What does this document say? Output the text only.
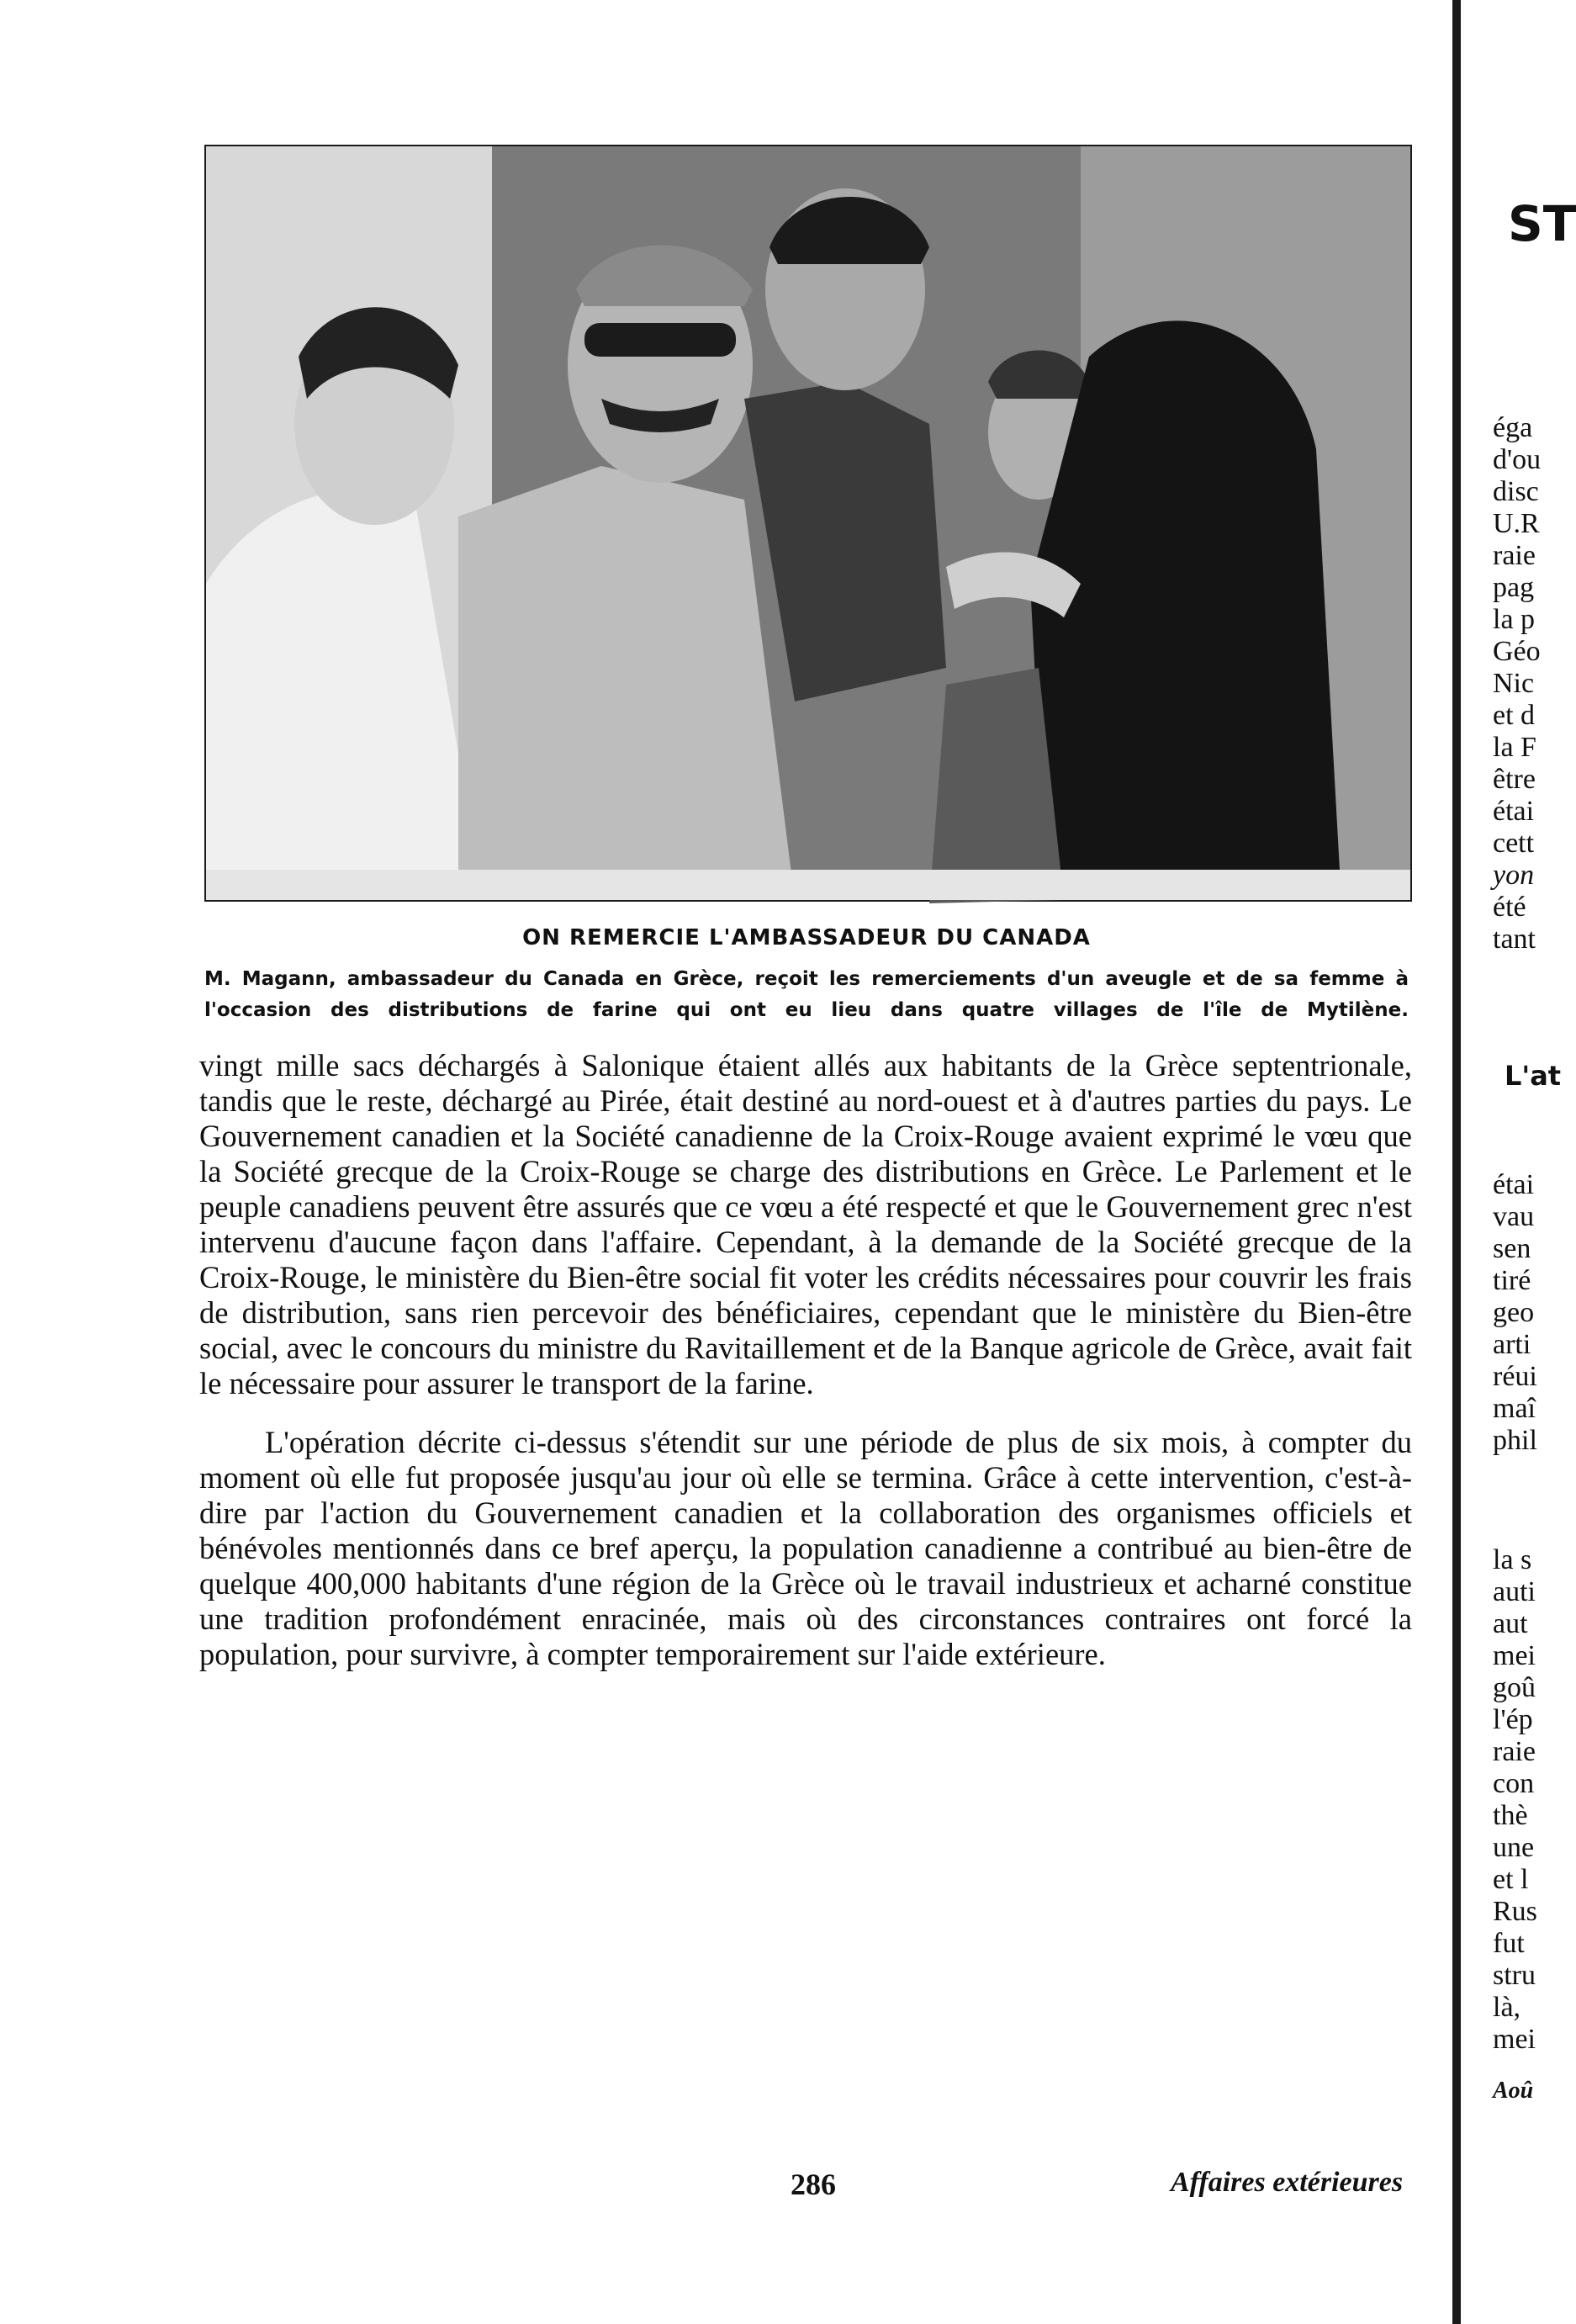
ON REMERCIE L'AMBASSADEUR DU CANADA
M. Magann, ambassadeur du Canada en Grèce, reçoit les remerciements d'un aveugle et de sa femme à l'occasion des distributions de farine qui ont eu lieu dans quatre villages de l'île de Mytilène.

vingt mille sacs déchargés à Salonique étaient allés aux habitants de la Grèce septentrionale, tandis que le reste, déchargé au Pirée, était destiné au nord-ouest et à d'autres parties du pays. Le Gouvernement canadien et la Société canadienne de la Croix-Rouge avaient exprimé le vœu que la Société grecque de la Croix-Rouge se charge des distributions en Grèce. Le Parlement et le peuple canadiens peuvent être assurés que ce vœu a été respecté et que le Gouvernement grec n'est intervenu d'aucune façon dans l'affaire. Cependant, à la demande de la Société grecque de la Croix-Rouge, le ministère du Bien-être social fit voter les crédits nécessaires pour couvrir les frais de distribution, sans rien percevoir des bénéficiaires, cependant que le ministère du Bien-être social, avec le concours du ministre du Ravitaillement et de la Banque agricole de Grèce, avait fait le nécessaire pour assurer le transport de la farine.

L'opération décrite ci-dessus s'étendit sur une période de plus de six mois, à compter du moment où elle fut proposée jusqu'au jour où elle se termina. Grâce à cette intervention, c'est-à-dire par l'action du Gouvernement canadien et la collaboration des organismes officiels et bénévoles mentionnés dans ce bref aperçu, la population canadienne a contribué au bien-être de quelque 400,000 habitants d'une région de la Grèce où le travail industrieux et acharné constitue une tradition profondément enracinée, mais où des circonstances contraires ont forcé la population, pour survivre, à compter temporairement sur l'aide extérieure.

286	Affaires extérieures
ST
L'at
éga
d'ou
disc
U.R
raie
pag
la p
Géo
Nic
et d
la F
être
étai
cett
yon
été
tant
étai
vau
sen
tiré
geo
arti
réui
maî
phil
la s
auti
aut
mei
goû
l'ép
raie
con
thè
une
et l
Rus
fut
stru
là,
mei
Aoû
